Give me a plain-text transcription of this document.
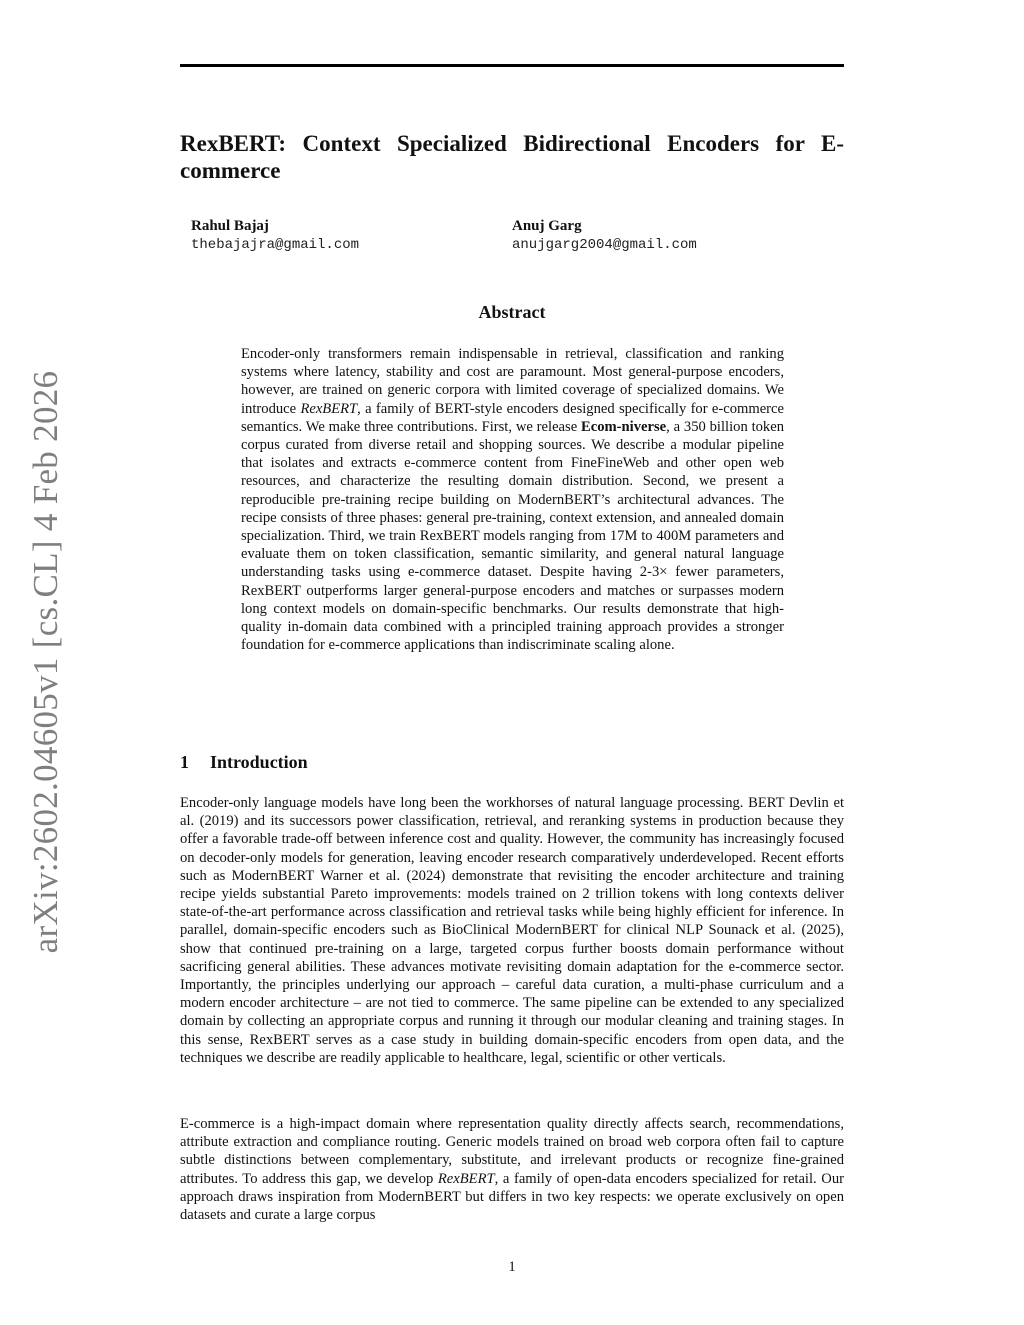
arXiv:2602.04605v1 [cs.CL] 4 Feb 2026
RexBERT: Context Specialized Bidirectional Encoders for E-commerce
Rahul Bajaj
thebajajra@gmail.com
Anuj Garg
anujgarg2004@gmail.com
Abstract

Encoder-only transformers remain indispensable in retrieval, classification and ranking systems where latency, stability and cost are paramount. Most general-purpose encoders, however, are trained on generic corpora with limited coverage of specialized domains. We introduce RexBERT, a family of BERT-style encoders designed specifically for e-commerce semantics. We make three contributions. First, we release Ecom-niverse, a 350 billion token corpus curated from diverse retail and shopping sources. We describe a modular pipeline that isolates and extracts e-commerce content from FineFineWeb and other open web resources, and characterize the resulting domain distribution. Second, we present a reproducible pre-training recipe building on ModernBERT’s architectural advances. The recipe consists of three phases: general pre-training, context extension, and annealed domain specialization. Third, we train RexBERT models ranging from 17M to 400M parameters and evaluate them on token classification, semantic similarity, and general natural language understanding tasks using e-commerce dataset. Despite having 2-3× fewer parameters, RexBERT outperforms larger general-purpose encoders and matches or surpasses modern long context models on domain-specific benchmarks. Our results demonstrate that high-quality in-domain data combined with a principled training approach provides a stronger foundation for e-commerce applications than indiscriminate scaling alone.

1 Introduction

Encoder-only language models have long been the workhorses of natural language processing. BERT Devlin et al. (2019) and its successors power classification, retrieval, and reranking systems in production because they offer a favorable trade-off between inference cost and quality. However, the community has increasingly focused on decoder-only models for generation, leaving encoder research comparatively underdeveloped. Recent efforts such as ModernBERT Warner et al. (2024) demonstrate that revisiting the encoder architecture and training recipe yields substantial Pareto improvements: models trained on 2 trillion tokens with long contexts deliver state-of-the-art performance across classification and retrieval tasks while being highly efficient for inference. In parallel, domain-specific encoders such as BioClinical ModernBERT for clinical NLP Sounack et al. (2025), show that continued pre-training on a large, targeted corpus further boosts domain performance without sacrificing general abilities. These advances motivate revisiting domain adaptation for the e-commerce sector. Importantly, the principles underlying our approach – careful data curation, a multi-phase curriculum and a modern encoder architecture – are not tied to commerce. The same pipeline can be extended to any specialized domain by collecting an appropriate corpus and running it through our modular cleaning and training stages. In this sense, RexBERT serves as a case study in building domain-specific encoders from open data, and the techniques we describe are readily applicable to healthcare, legal, scientific or other verticals.

E-commerce is a high-impact domain where representation quality directly affects search, recommendations, attribute extraction and compliance routing. Generic models trained on broad web corpora often fail to capture subtle distinctions between complementary, substitute, and irrelevant products or recognize fine-grained attributes. To address this gap, we develop RexBERT, a family of open-data encoders specialized for retail. Our approach draws inspiration from ModernBERT but differs in two key respects: we operate exclusively on open datasets and curate a large corpus

1
